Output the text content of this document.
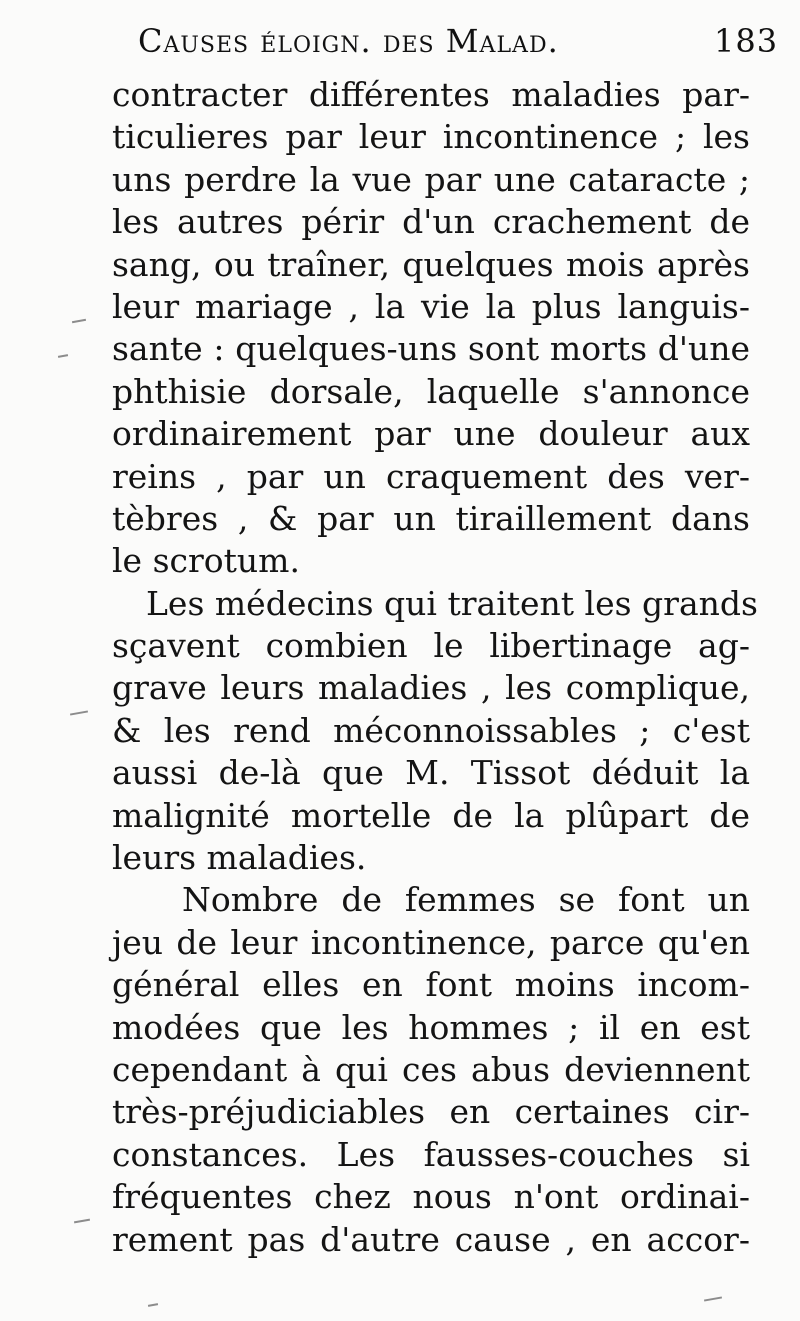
Causes éloign. des Malad.	183
contracter différentes maladies par-
ticulieres par leur incontinence ; les
uns perdre la vue par une cataracte ;
les autres périr d'un crachement de
sang, ou traîner, quelques mois après
leur mariage , la vie la plus languis-
sante : quelques-uns sont morts d'une
phthisie dorsale, laquelle s'annonce
ordinairement par une douleur aux
reins , par un craquement des ver-
tèbres , & par un tiraillement dans
le scrotum.
Les médecins qui traitent les grands
sçavent combien le libertinage ag-
grave leurs maladies , les complique,
& les rend méconnoissables ; c'est
aussi de-là que M. Tissot déduit la
malignité mortelle de la plûpart de
leurs maladies.
Nombre de femmes se font un
jeu de leur incontinence, parce qu'en
général elles en font moins incom-
modées que les hommes ; il en est
cependant à qui ces abus deviennent
très-préjudiciables en certaines cir-
constances. Les fausses-couches si
fréquentes chez nous n'ont ordinai-
rement pas d'autre cause , en accor-
